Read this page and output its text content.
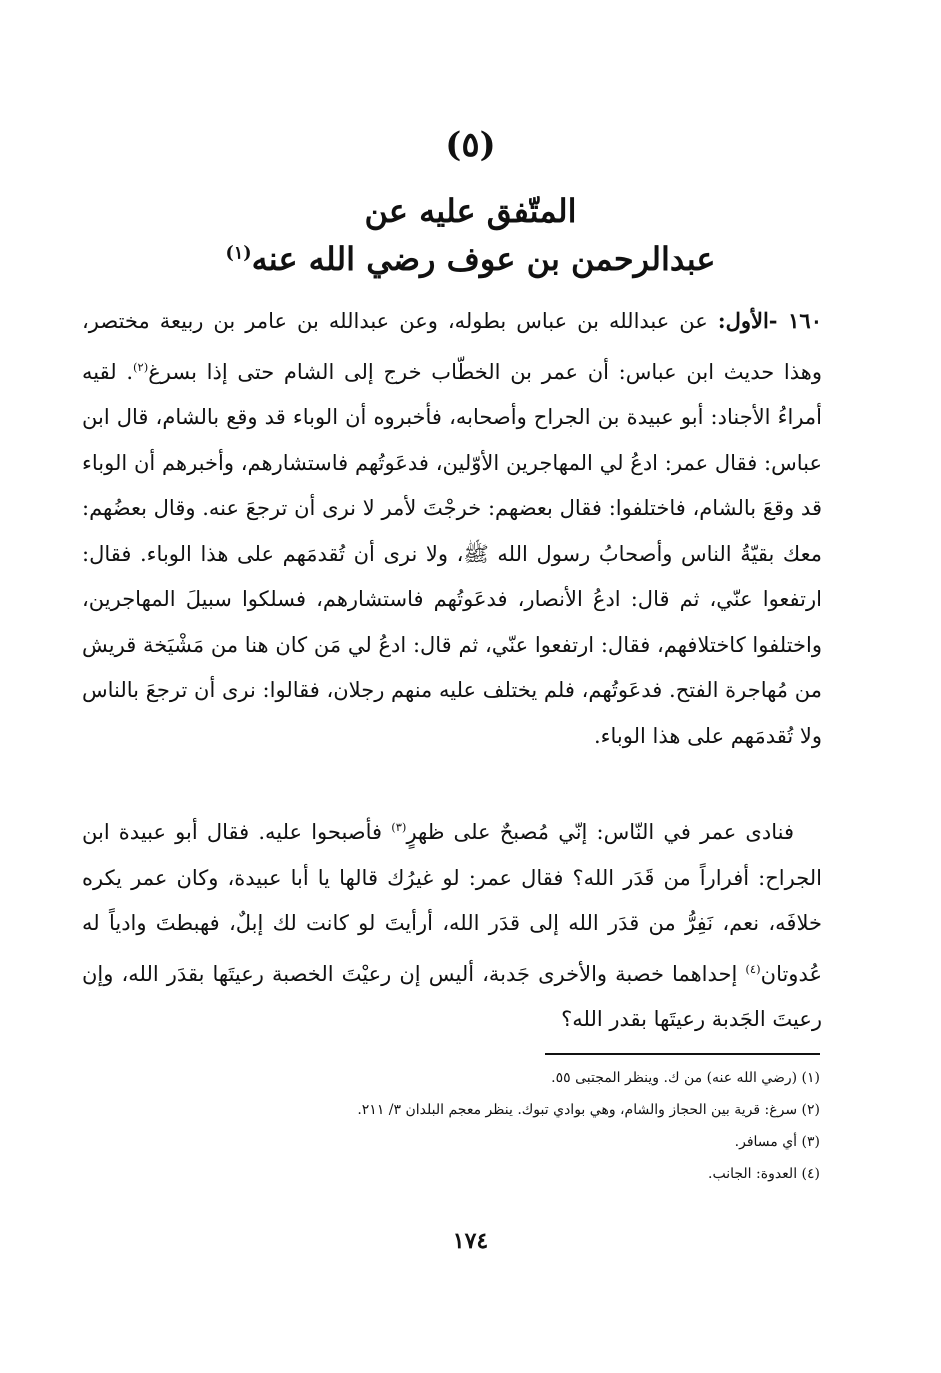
(٥)
المتّفق عليه عن
عبدالرحمن بن عوف رضي الله عنه$^{(١)}$
١٦٠ -الأول: عن عبدالله بن عباس بطوله، وعن عبدالله بن عامر بن ربيعة مختصر، وهذا حديث ابن عباس: أن عمر بن الخطّاب خرج إلى الشام حتى إذا بسرغ$^{(٢)}$. لقيه أمراءُ الأجناد: أبو عبيدة بن الجراح وأصحابه، فأخبروه أن الوباء قد وقع بالشام، قال ابن عباس: فقال عمر: ادعُ لي المهاجرين الأوّلين، فدعَوتُهم فاستشارهم، وأخبرهم أن الوباء قد وقعَ بالشام، فاختلفوا: فقال بعضهم: خرجْتَ لأمر لا نرى أن ترجعَ عنه. وقال بعضُهم: معك بقيّةُ الناس وأصحابُ رسول الله ﷺ، ولا نرى أن تُقدمَهم على هذا الوباء. فقال: ارتفعوا عنّي، ثم قال: ادعُ الأنصار، فدعَوتُهم فاستشارهم، فسلكوا سبيلَ المهاجرين، واختلفوا كاختلافهم، فقال: ارتفعوا عنّي، ثم قال: ادعُ لي مَن كان هنا من مَشْيَخة قريش من مُهاجرة الفتح. فدعَوتُهم، فلم يختلف عليه منهم رجلان، فقالوا: نرى أن ترجعَ بالناس ولا تُقدمَهم على هذا الوباء.
فنادى عمر في النّاس: إنّي مُصبحٌ على ظهرٍ$^{(٣)}$ فأصبحوا عليه. فقال أبو عبيدة ابن الجراح: أفراراً من قَدَر الله؟ فقال عمر: لو غيرُك قالها يا أبا عبيدة، وكان عمر يكره خلافَه، نعم، نَفِرُّ من قدَر الله إلى قدَر الله، أرأيتَ لو كانت لك إبلٌ، فهبطتَ وادياً له عُدوتان$^{(٤)}$ إحداهما خصبة والأخرى جَدبة، أليس إن رعيْتَ الخصبة رعيتَها بقدَر الله، وإن رعيتَ الجَدبة رعيتَها بقدر الله؟
(١) (رضي الله عنه) من ك. وينظر المجتبى ٥٥.
(٢) سرغ: قرية بين الحجاز والشام، وهي بوادي تبوك. ينظر معجم البلدان ٣/ ٢١١.
(٣) أي مسافر.
(٤) العدوة: الجانب.
١٧٤
